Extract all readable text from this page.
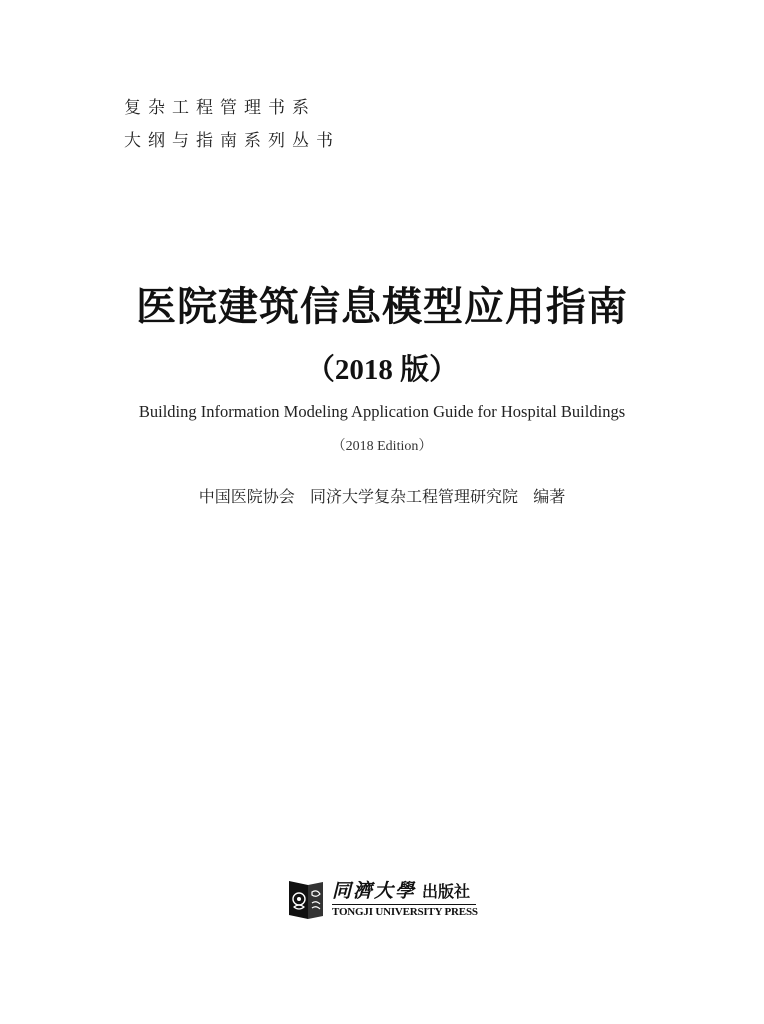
复杂工程管理书系
大纲与指南系列丛书
医院建筑信息模型应用指南
（2018 版）
Building Information Modeling Application Guide for Hospital Buildings
（2018 Edition）
中国医院协会   同济大学复杂工程管理研究院   编著
同濟大學 出版社
TONGJI UNIVERSITY PRESS
